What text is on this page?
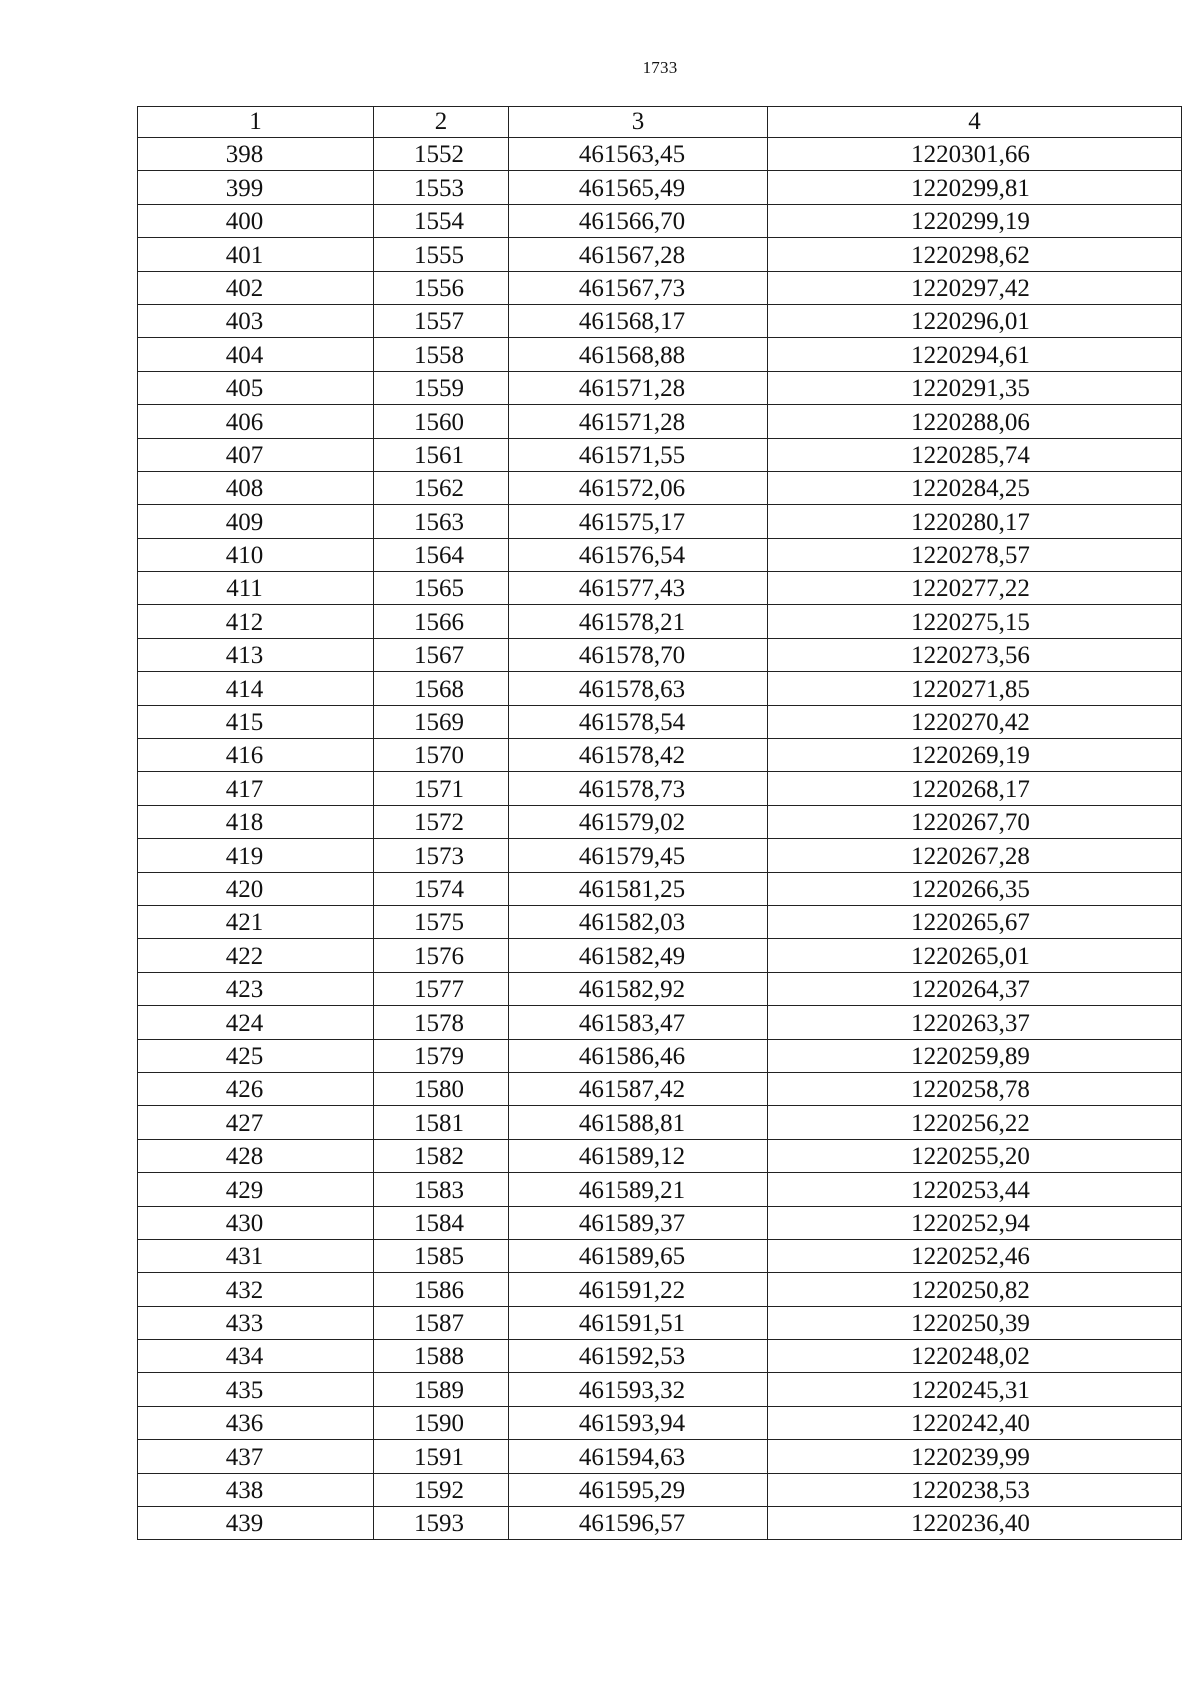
1733
1	2	3	4
398	1552	461563,45	1220301,66
399	1553	461565,49	1220299,81
400	1554	461566,70	1220299,19
401	1555	461567,28	1220298,62
402	1556	461567,73	1220297,42
403	1557	461568,17	1220296,01
404	1558	461568,88	1220294,61
405	1559	461571,28	1220291,35
406	1560	461571,28	1220288,06
407	1561	461571,55	1220285,74
408	1562	461572,06	1220284,25
409	1563	461575,17	1220280,17
410	1564	461576,54	1220278,57
411	1565	461577,43	1220277,22
412	1566	461578,21	1220275,15
413	1567	461578,70	1220273,56
414	1568	461578,63	1220271,85
415	1569	461578,54	1220270,42
416	1570	461578,42	1220269,19
417	1571	461578,73	1220268,17
418	1572	461579,02	1220267,70
419	1573	461579,45	1220267,28
420	1574	461581,25	1220266,35
421	1575	461582,03	1220265,67
422	1576	461582,49	1220265,01
423	1577	461582,92	1220264,37
424	1578	461583,47	1220263,37
425	1579	461586,46	1220259,89
426	1580	461587,42	1220258,78
427	1581	461588,81	1220256,22
428	1582	461589,12	1220255,20
429	1583	461589,21	1220253,44
430	1584	461589,37	1220252,94
431	1585	461589,65	1220252,46
432	1586	461591,22	1220250,82
433	1587	461591,51	1220250,39
434	1588	461592,53	1220248,02
435	1589	461593,32	1220245,31
436	1590	461593,94	1220242,40
437	1591	461594,63	1220239,99
438	1592	461595,29	1220238,53
439	1593	461596,57	1220236,40
